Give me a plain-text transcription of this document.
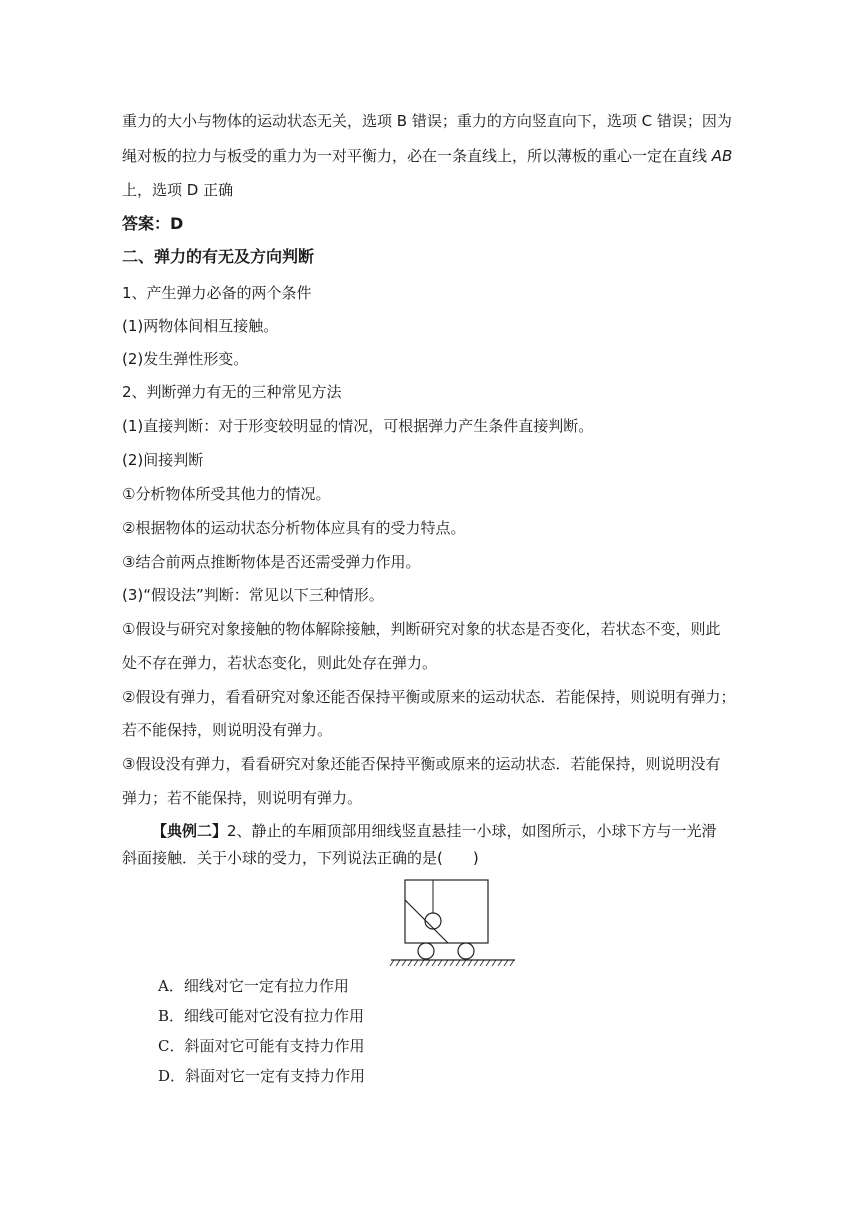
重力的大小与物体的运动状态无关，选项 B 错误；重力的方向竖直向下，选项 C 错误；因为
绳对板的拉力与板受的重力为一对平衡力，必在一条直线上，所以薄板的重心一定在直线 AB
上，选项 D 正确
答案：D
二、弹力的有无及方向判断
1、产生弹力必备的两个条件
(1)两物体间相互接触。
(2)发生弹性形变。
2、判断弹力有无的三种常见方法
(1)直接判断：对于形变较明显的情况，可根据弹力产生条件直接判断。
(2)间接判断
①分析物体所受其他力的情况。
②根据物体的运动状态分析物体应具有的受力特点。
③结合前两点推断物体是否还需受弹力作用。
(3)“假设法”判断：常见以下三种情形。
①假设与研究对象接触的物体解除接触，判断研究对象的状态是否变化，若状态不变，则此
处不存在弹力，若状态变化，则此处存在弹力。
②假设有弹力，看看研究对象还能否保持平衡或原来的运动状态．若能保持，则说明有弹力；
若不能保持，则说明没有弹力。
③假设没有弹力，看看研究对象还能否保持平衡或原来的运动状态．若能保持，则说明没有
弹力；若不能保持，则说明有弹力。
【典例二】2、静止的车厢顶部用细线竖直悬挂一小球，如图所示，小球下方与一光滑
斜面接触．关于小球的受力，下列说法正确的是(　　)
A．细线对它一定有拉力作用
B．细线可能对它没有拉力作用
C．斜面对它可能有支持力作用
D．斜面对它一定有支持力作用
